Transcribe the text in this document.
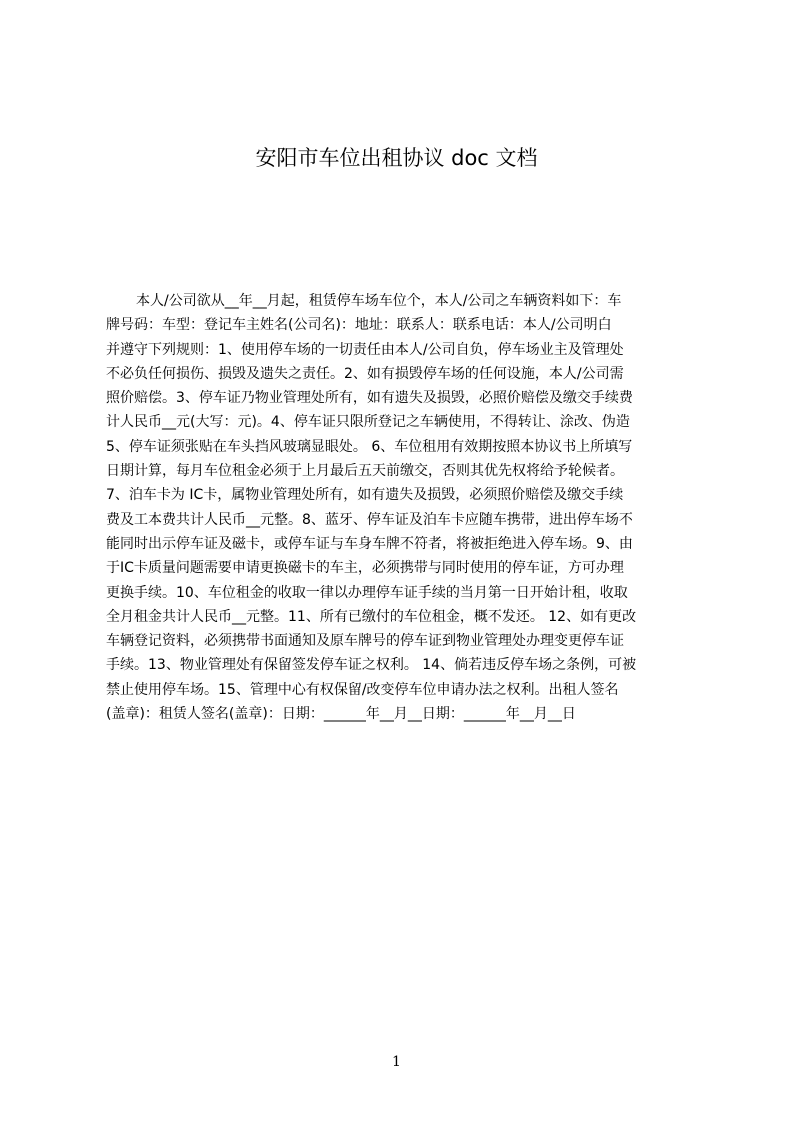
安阳市车位出租协议 doc 文档
本人/公司欲从__年__月起，租赁停车场车位个，本人/公司之车辆资料如下：车
牌号码：车型：登记车主姓名(公司名)：地址：联系人：联系电话：本人/公司明白
并遵守下列规则：1、使用停车场的一切责任由本人/公司自负，停车场业主及管理处
不必负任何损伤、损毁及遗失之责任。2、如有损毁停车场的任何设施，本人/公司需
照价赔偿。3、停车证乃物业管理处所有，如有遗失及损毁，必照价赔偿及缴交手续费
计人民币__元(大写：元)。4、停车证只限所登记之车辆使用，不得转让、涂改、伪造
5、停车证须张贴在车头挡风玻璃显眼处。 6、车位租用有效期按照本协议书上所填写
日期计算，每月车位租金必须于上月最后五天前缴交，否则其优先权将给予轮候者。
7、泊车卡为 IC卡，属物业管理处所有，如有遗失及损毁，必须照价赔偿及缴交手续
费及工本费共计人民币__元整。8、蓝牙、停车证及泊车卡应随车携带，进出停车场不
能同时出示停车证及磁卡，或停车证与车身车牌不符者，将被拒绝进入停车场。9、由
于IC卡质量问题需要申请更换磁卡的车主，必须携带与同时使用的停车证，方可办理
更换手续。10、车位租金的收取一律以办理停车证手续的当月第一日开始计租，收取
全月租金共计人民币__元整。11、所有已缴付的车位租金，概不发还。 12、如有更改
车辆登记资料，必须携带书面通知及原车牌号的停车证到物业管理处办理变更停车证
手续。13、物业管理处有保留签发停车证之权利。 14、倘若违反停车场之条例，可被
禁止使用停车场。15、管理中心有权保留/改变停车位申请办法之权利。出租人签名
(盖章)：租赁人签名(盖章)：日期：______年__月__日期：______年__月__日
1
